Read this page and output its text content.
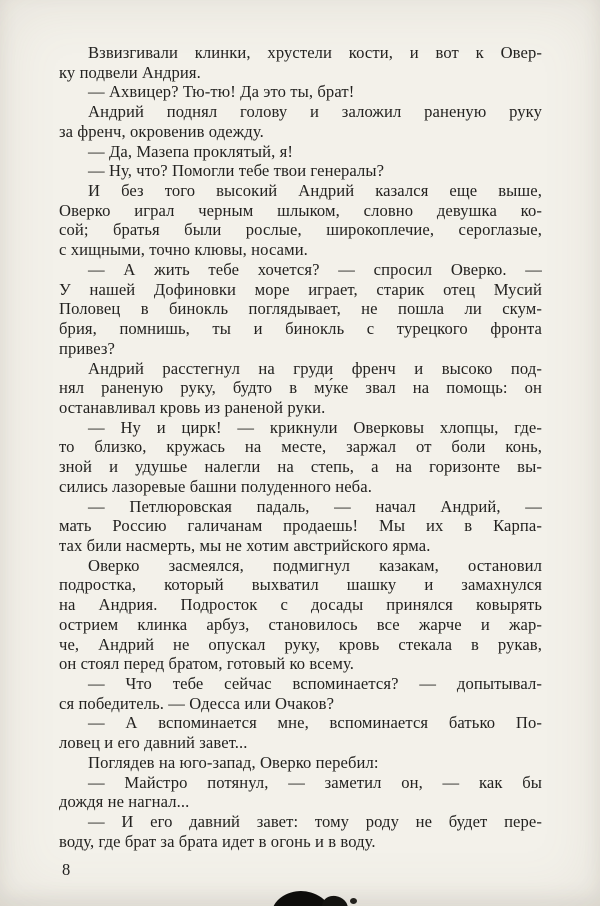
Взвизгивали клинки, хрустели кости, и вот к Овер-
ку подвели Андрия.
— Ахвицер? Тю-тю! Да это ты, брат!
Андрий поднял голову и заложил раненую руку
за френч, окровенив одежду.
— Да, Мазепа проклятый, я!
— Ну, что? Помогли тебе твои генералы?
И без того высокий Андрий казался еще выше,
Оверко играл черным шлыком, словно девушка ко-
сой; братья были рослые, широкоплечие, сероглазые,
с хищными, точно клювы, носами.
— А жить тебе хочется? — спросил Оверко. —
У нашей Дофиновки море играет, старик отец Мусий
Половец в бинокль поглядывает, не пошла ли скум-
брия, помнишь, ты и бинокль с турецкого фронта
привез?
Андрий расстегнул на груди френч и высоко под-
нял раненую руку, будто в му́ке звал на помощь: он
останавливал кровь из раненой руки.
— Ну и цирк! — крикнули Оверковы хлопцы, где-
то близко, кружась на месте, заржал от боли конь,
зной и удушье налегли на степь, а на горизонте вы-
сились лазоревые башни полуденного неба.
— Петлюровская падаль, — начал Андрий, —
мать Россию галичанам продаешь! Мы их в Карпа-
тах били насмерть, мы не хотим австрийского ярма.
Оверко засмеялся, подмигнул казакам, остановил
подростка, который выхватил шашку и замахнулся
на Андрия. Подросток с досады принялся ковырять
острием клинка арбуз, становилось все жарче и жар-
че, Андрий не опускал руку, кровь стекала в рукав,
он стоял перед братом, готовый ко всему.
— Что тебе сейчас вспоминается? — допытывал-
ся победитель. — Одесса или Очаков?
— А вспоминается мне, вспоминается батько По-
ловец и его давний завет...
Поглядев на юго-запад, Оверко перебил:
— Майстро потянул, — заметил он, — как бы
дождя не нагнал...
— И его давний завет: тому роду не будет пере-
воду, где брат за брата идет в огонь и в воду.
8
